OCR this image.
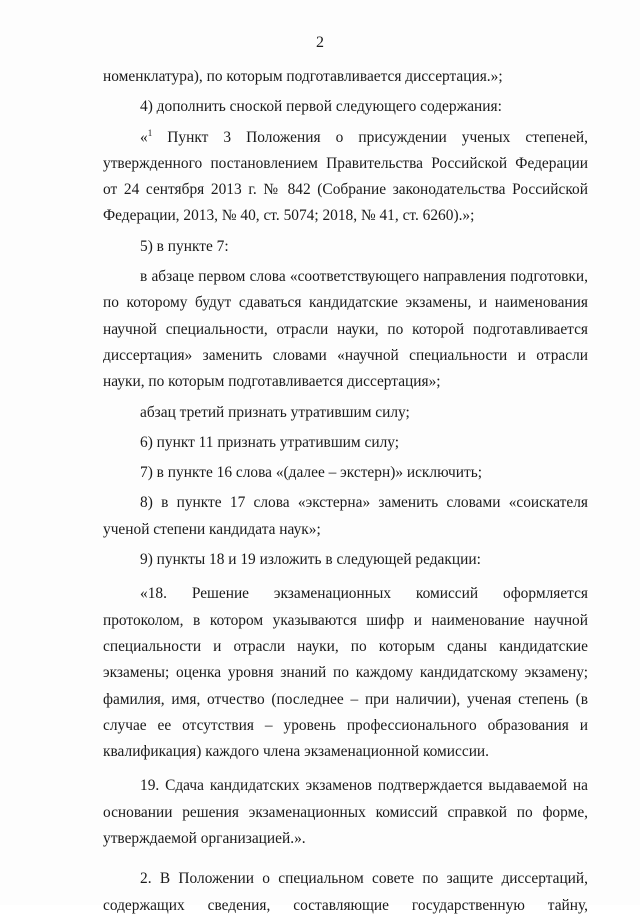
2

номенклатура), по которым подготавливается диссертация.»;

4) дополнить сноской первой следующего содержания:

«$^1$ Пункт 3 Положения о присуждении ученых степеней, утвержденного постановлением Правительства Российской Федерации от 24 сентября 2013 г. № 842 (Собрание законодательства Российской Федерации, 2013, № 40, ст. 5074; 2018, № 41, ст. 6260).»;

5) в пункте 7:

в абзаце первом слова «соответствующего направления подготовки, по которому будут сдаваться кандидатские экзамены, и наименования научной специальности, отрасли науки, по которой подготавливается диссертация» заменить словами «научной специальности и отрасли науки, по которым подготавливается диссертация»;

абзац третий признать утратившим силу;

6) пункт 11 признать утратившим силу;

7) в пункте 16 слова «(далее – экстерн)» исключить;

8) в пункте 17 слова «экстерна» заменить словами «соискателя ученой степени кандидата наук»;

9) пункты 18 и 19 изложить в следующей редакции:

«18. Решение экзаменационных комиссий оформляется протоколом, в котором указываются шифр и наименование научной специальности и отрасли науки, по которым сданы кандидатские экзамены; оценка уровня знаний по каждому кандидатскому экзамену; фамилия, имя, отчество (последнее – при наличии), ученая степень (в случае ее отсутствия – уровень профессионального образования и квалификация) каждого члена экзаменационной комиссии.

19. Сдача кандидатских экзаменов подтверждается выдаваемой на основании решения экзаменационных комиссий справкой по форме, утверждаемой организацией.».

2. В Положении о специальном совете по защите диссертаций, содержащих сведения, составляющие государственную тайну,
